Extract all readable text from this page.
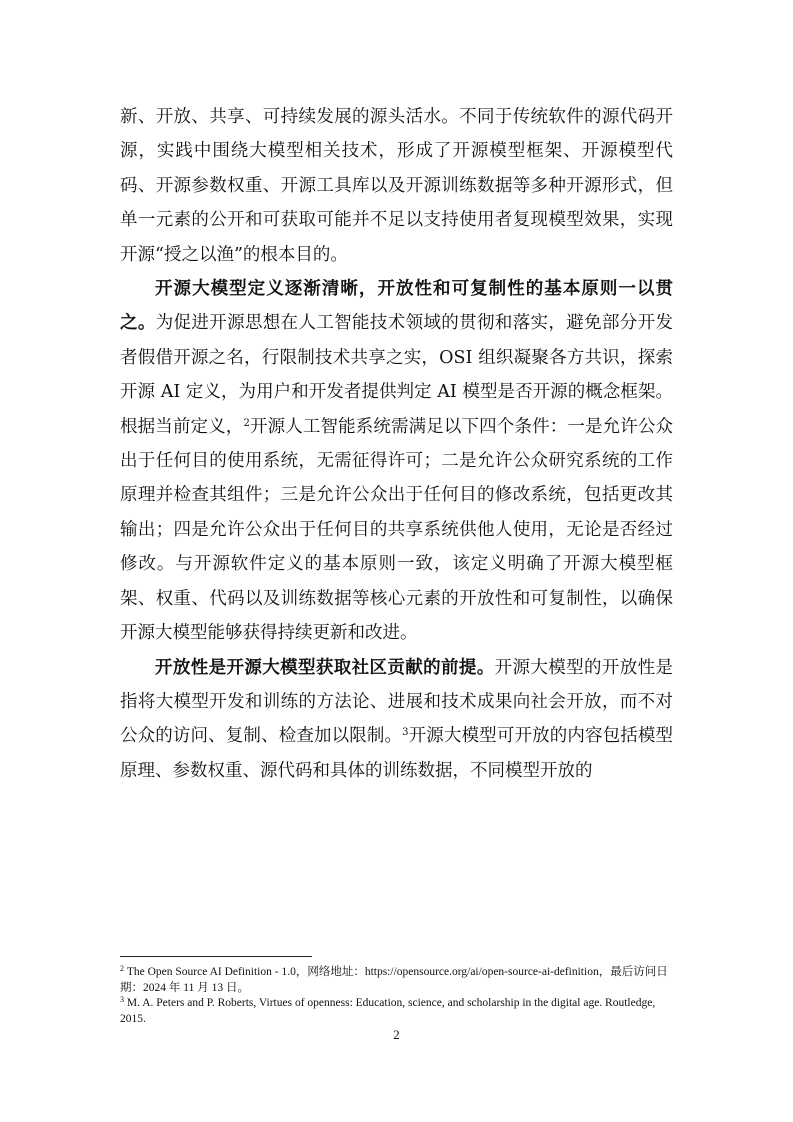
新、开放、共享、可持续发展的源头活水。不同于传统软件的源代码开源，实践中围绕大模型相关技术，形成了开源模型框架、开源模型代码、开源参数权重、开源工具库以及开源训练数据等多种开源形式，但单一元素的公开和可获取可能并不足以支持使用者复现模型效果，实现开源“授之以渔”的根本目的。

开源大模型定义逐渐清晰，开放性和可复制性的基本原则一以贯之。为促进开源思想在人工智能技术领域的贯彻和落实，避免部分开发者假借开源之名，行限制技术共享之实，OSI 组织凝聚各方共识，探索开源 AI 定义，为用户和开发者提供判定 AI 模型是否开源的概念框架。根据当前定义，$^2$开源人工智能系统需满足以下四个条件：一是允许公众出于任何目的使用系统，无需征得许可；二是允许公众研究系统的工作原理并检查其组件；三是允许公众出于任何目的修改系统，包括更改其输出；四是允许公众出于任何目的共享系统供他人使用，无论是否经过修改。与开源软件定义的基本原则一致，该定义明确了开源大模型框架、权重、代码以及训练数据等核心元素的开放性和可复制性，以确保开源大模型能够获得持续更新和改进。

开放性是开源大模型获取社区贡献的前提。开源大模型的开放性是指将大模型开发和训练的方法论、进展和技术成果向社会开放，而不对公众的访问、复制、检查加以限制。$^3$开源大模型可开放的内容包括模型原理、参数权重、源代码和具体的训练数据，不同模型开放的

$^2$ The Open Source AI Definition - 1.0，网络地址：https://opensource.org/ai/open-source-ai-definition，最后访问日期：2024 年 11 月 13 日。

$^3$ M. A. Peters and P. Roberts, Virtues of openness: Education, science, and scholarship in the digital age. Routledge, 2015.

2
